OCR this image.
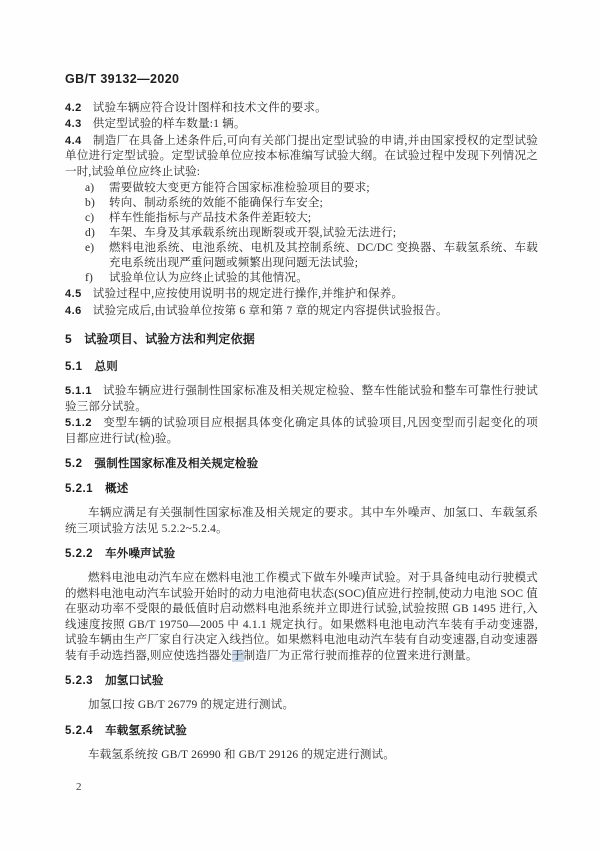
GB/T 39132—2020

4.2 试验车辆应符合设计图样和技术文件的要求。

4.3 供定型试验的样车数量:1 辆。

4.4 制造厂在具备上述条件后,可向有关部门提出定型试验的申请,并由国家授权的定型试验单位进行定型试验。定型试验单位应按本标准编写试验大纲。在试验过程中发现下列情况之一时,试验单位应终止试验:

a) 需要做较大变更方能符合国家标准检验项目的要求;
b) 转向、制动系统的效能不能确保行车安全;
c) 样车性能指标与产品技术条件差距较大;
d) 车架、车身及其承载系统出现断裂或开裂,试验无法进行;
e) 燃料电池系统、电池系统、电机及其控制系统、DC/DC 变换器、车载氢系统、车载充电系统出现严重问题或频繁出现问题无法试验;
f) 试验单位认为应终止试验的其他情况。

4.5 试验过程中,应按使用说明书的规定进行操作,并维护和保养。

4.6 试验完成后,由试验单位按第 6 章和第 7 章的规定内容提供试验报告。

5 试验项目、试验方法和判定依据

5.1 总则

5.1.1 试验车辆应进行强制性国家标准及相关规定检验、整车性能试验和整车可靠性行驶试验三部分试验。

5.1.2 变型车辆的试验项目应根据具体变化确定具体的试验项目,凡因变型而引起变化的项目都应进行试(检)验。

5.2 强制性国家标准及相关规定检验

5.2.1 概述

车辆应满足有关强制性国家标准及相关规定的要求。其中车外噪声、加氢口、车载氢系统三项试验方法见 5.2.2~5.2.4。

5.2.2 车外噪声试验

燃料电池电动汽车应在燃料电池工作模式下做车外噪声试验。对于具备纯电动行驶模式的燃料电池电动汽车试验开始时的动力电池荷电状态(SOC)值应进行控制,使动力电池 SOC 值在驱动功率不受限的最低值时启动燃料电池系统并立即进行试验,试验按照 GB 1495 进行,入线速度按照 GB/T 19750—2005 中 4.1.1 规定执行。如果燃料电池电动汽车装有手动变速器,试验车辆由生产厂家自行决定入线挡位。如果燃料电池电动汽车装有自动变速器,自动变速器装有手动选挡器,则应使选挡器处于制造厂为正常行驶而推荐的位置来进行测量。

5.2.3 加氢口试验

加氢口按 GB/T 26779 的规定进行测试。

5.2.4 车载氢系统试验

车载氢系统按 GB/T 26990 和 GB/T 29126 的规定进行测试。

2
